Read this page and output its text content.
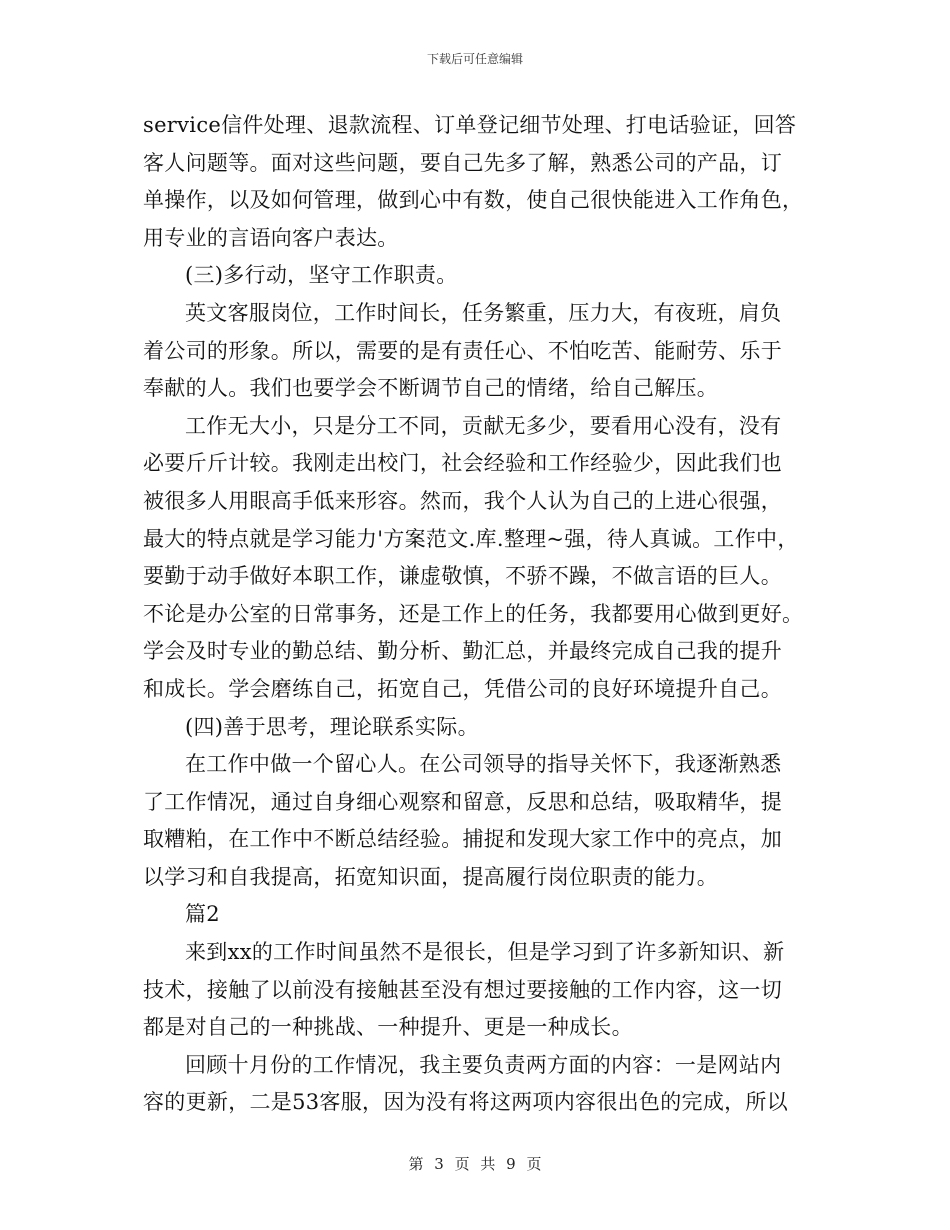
下载后可任意编辑
service信件处理、退款流程、订单登记细节处理、打电话验证，回答
客人问题等。面对这些问题，要自己先多了解，熟悉公司的产品，订
单操作，以及如何管理，做到心中有数，使自己很快能进入工作角色，
用专业的言语向客户表达。
(三)多行动，坚守工作职责。
英文客服岗位，工作时间长，任务繁重，压力大，有夜班，肩负
着公司的形象。所以，需要的是有责任心、不怕吃苦、能耐劳、乐于
奉献的人。我们也要学会不断调节自己的情绪，给自己解压。
工作无大小，只是分工不同，贡献无多少，要看用心没有，没有
必要斤斤计较。我刚走出校门，社会经验和工作经验少，因此我们也
被很多人用眼高手低来形容。然而，我个人认为自己的上进心很强，
最大的特点就是学习能力'方案范文.库.整理~强，待人真诚。工作中，
要勤于动手做好本职工作，谦虚敬慎，不骄不躁，不做言语的巨人。
不论是办公室的日常事务，还是工作上的任务，我都要用心做到更好。
学会及时专业的勤总结、勤分析、勤汇总，并最终完成自己我的提升
和成长。学会磨练自己，拓宽自己，凭借公司的良好环境提升自己。
(四)善于思考，理论联系实际。
在工作中做一个留心人。在公司领导的指导关怀下，我逐渐熟悉
了工作情况，通过自身细心观察和留意，反思和总结，吸取精华，提
取糟粕，在工作中不断总结经验。捕捉和发现大家工作中的亮点，加
以学习和自我提高，拓宽知识面，提高履行岗位职责的能力。
篇2
来到xx的工作时间虽然不是很长，但是学习到了许多新知识、新
技术，接触了以前没有接触甚至没有想过要接触的工作内容，这一切
都是对自己的一种挑战、一种提升、更是一种成长。
回顾十月份的工作情况，我主要负责两方面的内容：一是网站内
容的更新，二是53客服，因为没有将这两项内容很出色的完成，所以
第 3 页 共 9 页
